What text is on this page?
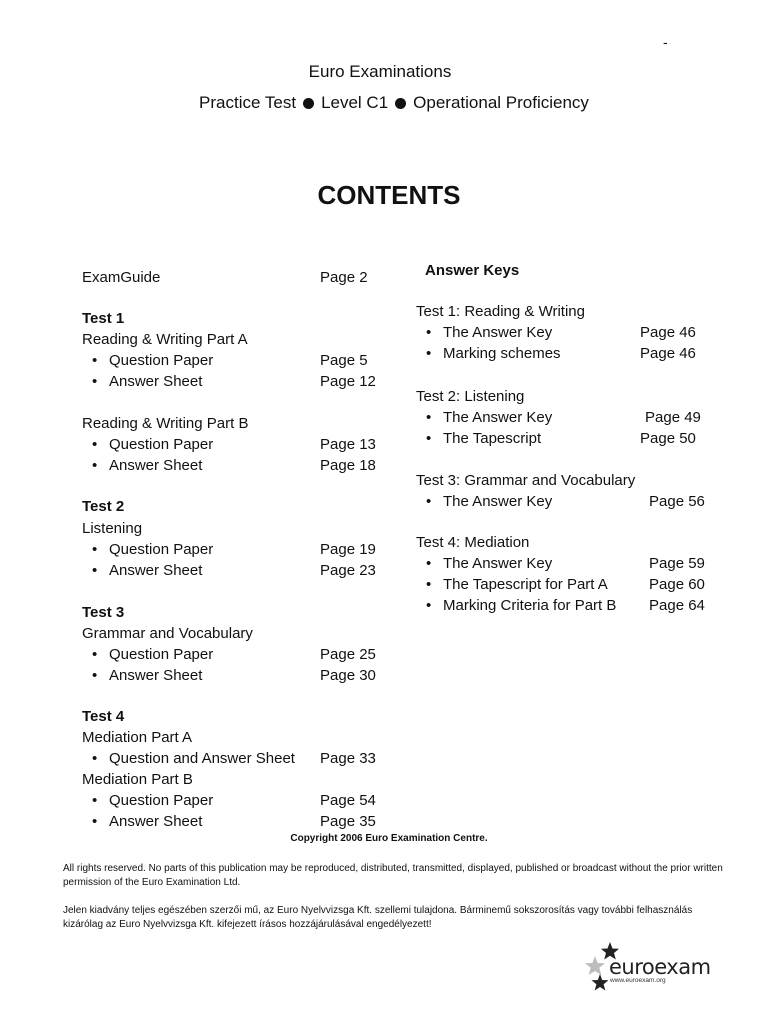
-
Euro Examinations
Practice Test Level C1 Operational Proficiency
CONTENTS
ExamGuide	Page 2
Test 1
Reading & Writing Part A
• Question Paper	Page 5
• Answer Sheet	Page 12
Reading & Writing Part B
• Question Paper	Page 13
• Answer Sheet	Page 18
Test 2
Listening
• Question Paper	Page 19
• Answer Sheet	Page 23
Test 3
Grammar and Vocabulary
• Question Paper	Page 25
• Answer Sheet	Page 30
Test 4
Mediation Part A
• Question and Answer Sheet Page 33
Mediation Part B
• Question Paper	Page 54
• Answer Sheet	Page 35
Answer Keys
Test 1: Reading & Writing
• The Answer Key	Page 46
• Marking schemes	Page 46
Test 2: Listening
• The Answer Key	Page 49
• The Tapescript	Page 50
Test 3: Grammar and Vocabulary
• The Answer Key	Page 56
Test 4: Mediation
• The Answer Key	Page 59
• The Tapescript for Part A	Page 60
• Marking Criteria for Part B Page 64
Copyright 2006 Euro Examination Centre.
All rights reserved. No parts of this publication may be reproduced, distributed, transmitted, displayed, published or broadcast without the prior written permission of the Euro Examination Ltd.
Jelen kiadvány teljes egészében szerzői mű, az Euro Nyelvvizsga Kft. szellemi tulajdona. Bárminemű sokszorosítás vagy további felhasználás kizárólag az Euro Nyelvvizsga Kft. kifejezett írásos hozzájárulásával engedélyezett!
euroexam
www.euroexam.org
